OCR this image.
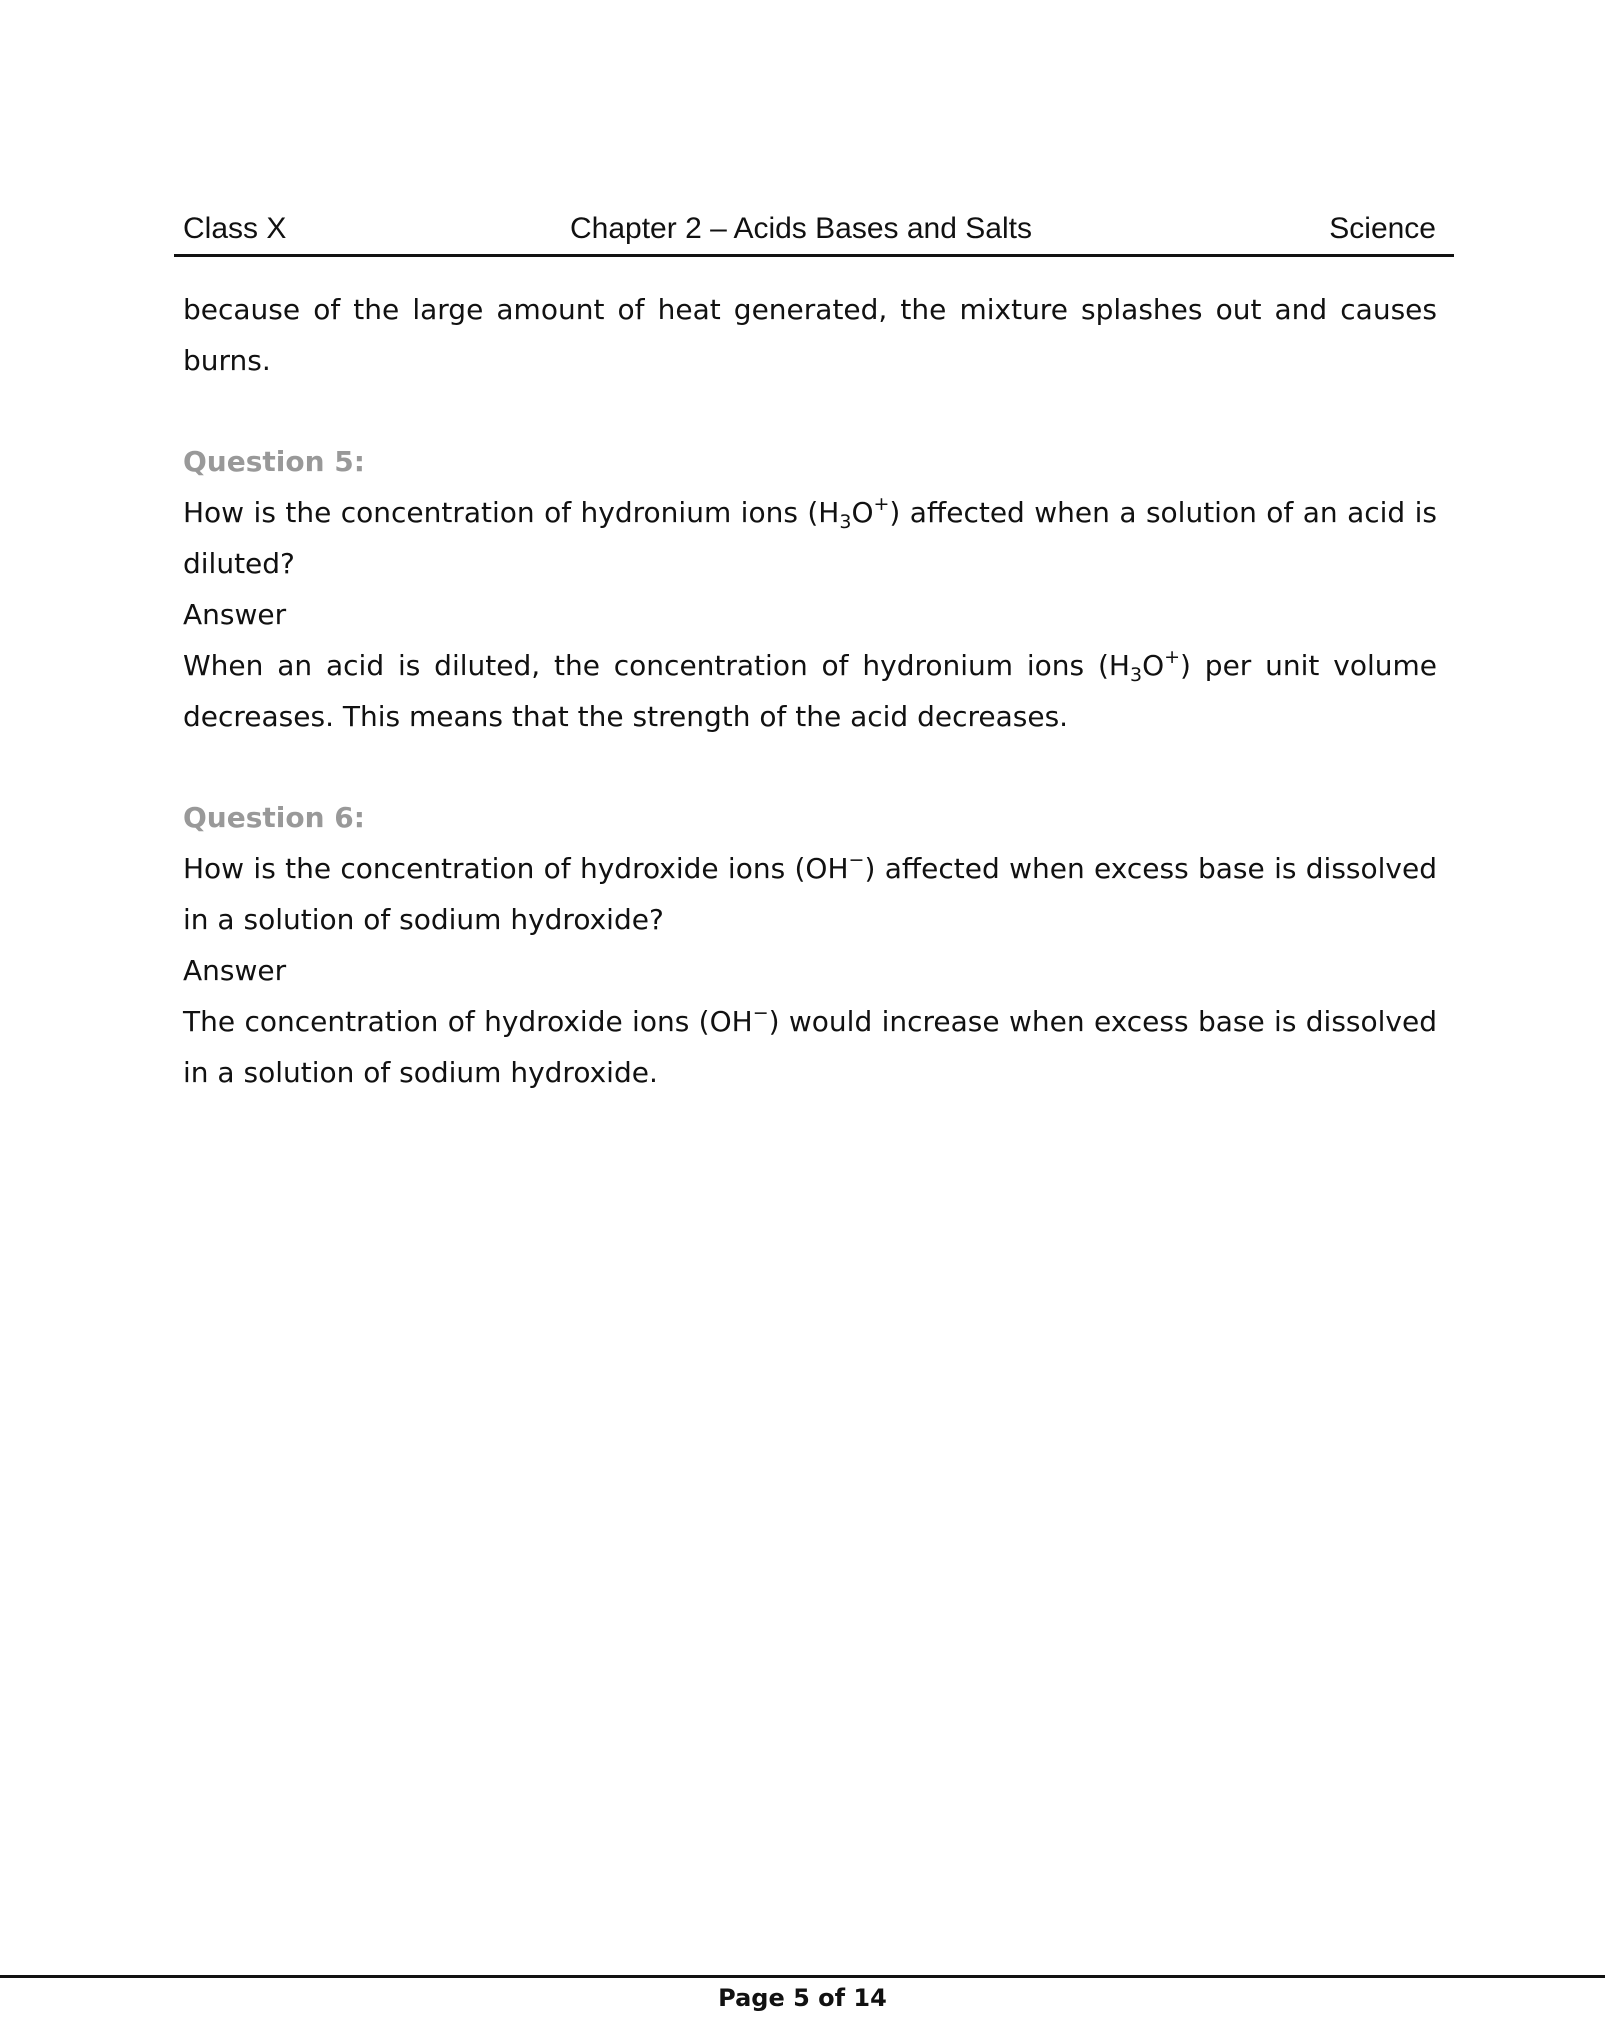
Class X	Chapter 2 – Acids Bases and Salts	Science

because of the large amount of heat generated, the mixture splashes out and causes burns.

Question 5:

How is the concentration of hydronium ions $(H_3O^+)$ affected when a solution of an acid is diluted?

Answer

When an acid is diluted, the concentration of hydronium ions $(H_3O^+)$ per unit volume decreases. This means that the strength of the acid decreases.

Question 6:

How is the concentration of hydroxide ions (OH−) affected when excess base is dissolved in a solution of sodium hydroxide?

Answer

The concentration of hydroxide ions (OH−) would increase when excess base is dissolved in a solution of sodium hydroxide.

Page 5 of 14
